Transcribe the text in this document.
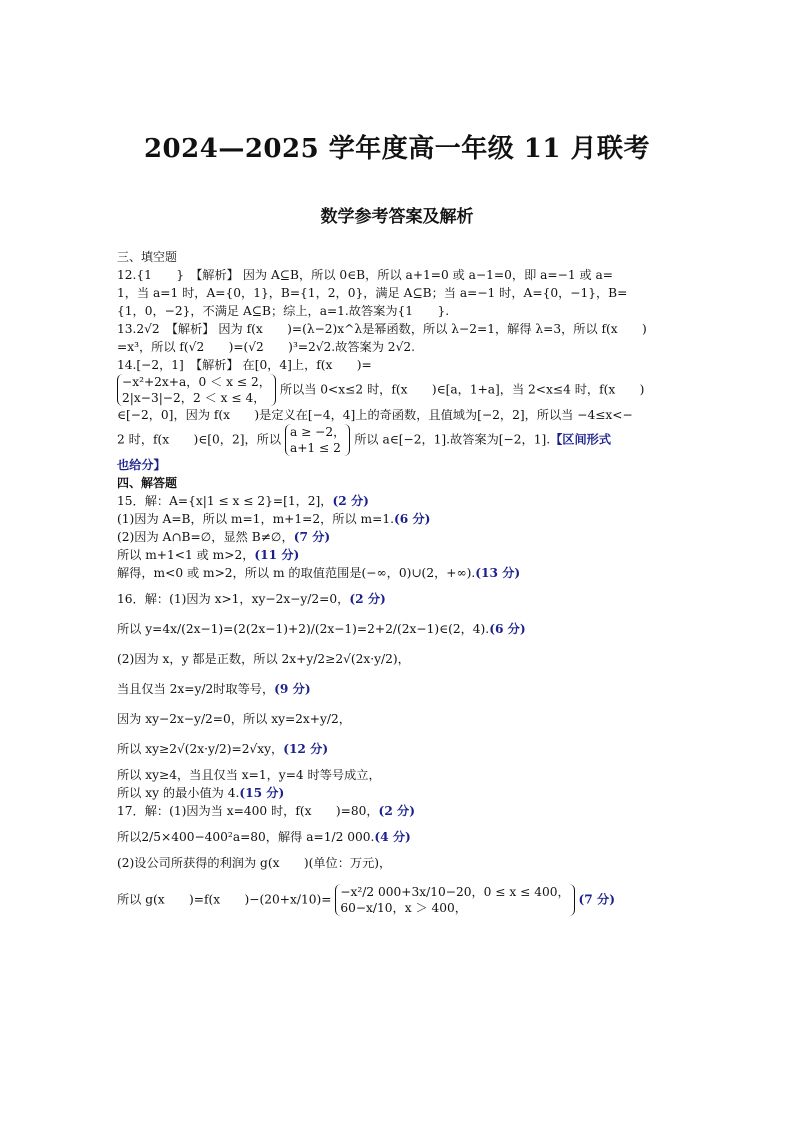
2024—2025 学年度高一年级 11 月联考
数学参考答案及解析
三、填空题
12.{1　　}　【解析】 因为 A⊆B，所以 0∈B，所以 a+1=0 或 a−1=0，即 a=−1 或 a=
1，当 a=1 时，A={0，1}，B={1，2，0}，满足 A⊆B；当 a=−1 时，A={0，−1}，B=
{1，0，−2}，不满足 A⊆B；综上，a=1.故答案为{1　　}.
13.2√2　【解析】 因为 f(x　　)=(λ−2)x^λ是幂函数，所以 λ−2=1，解得 λ=3，所以 f(x　　)
=x³，所以 f(√2　　)=(√2　　)³=2√2.故答案为 2√2.
14.[−2，1]　【解析】 在[0，4]上，f(x　　)=
−x²+2x+a，0 ＜ x ≤ 2，
2|x−3|−2，2 ＜ x ≤ 4，
所以当 0<x≤2 时，f(x　　)∈[a，1+a]，当 2<x≤4 时，f(x　　)
∈[−2，0]，因为 f(x　　)是定义在[−4，4]上的奇函数，且值域为[−2，2]，所以当 −4≤x<−
2 时，f(x　　)∈[0，2]，所以
a ≥ −2，
a+1 ≤ 2
所以 a∈[−2，1].故答案为[−2，1].【区间形式
也给分】
四、解答题
15．解：A={x|1 ≤ x ≤ 2}=[1，2]，(2 分)
(1)因为 A=B，所以 m=1，m+1=2，所以 m=1.(6 分)
(2)因为 A∩B=∅，显然 B≠∅，(7 分)
所以 m+1<1 或 m>2，(11 分)
解得，m<0 或 m>2，所以 m 的取值范围是(−∞，0)∪(2，+∞).(13 分)
16．解：(1)因为 x>1，xy−2x−y/2=0，(2 分)
所以 y=4x/(2x−1)=(2(2x−1)+2)/(2x−1)=2+2/(2x−1)∈(2，4).(6 分)
(2)因为 x，y 都是正数，所以 2x+y/2≥2√(2x·y/2)，
当且仅当 2x=y/2时取等号，(9 分)
因为 xy−2x−y/2=0，所以 xy=2x+y/2，
所以 xy≥2√(2x·y/2)=2√xy，(12 分)
所以 xy≥4，当且仅当 x=1，y=4 时等号成立，
所以 xy 的最小值为 4.(15 分)
17．解：(1)因为当 x=400 时，f(x　　)=80，(2 分)
所以2/5×400−400²a=80，解得 a=1/2 000.(4 分)
(2)设公司所获得的利润为 g(x　　)(单位：万元)，
所以 g(x　　)=f(x　　)−(20+x/10)=
−x²/2 000+3x/10−20，0 ≤ x ≤ 400，
60−x/10，x ＞ 400，
(7 分)
